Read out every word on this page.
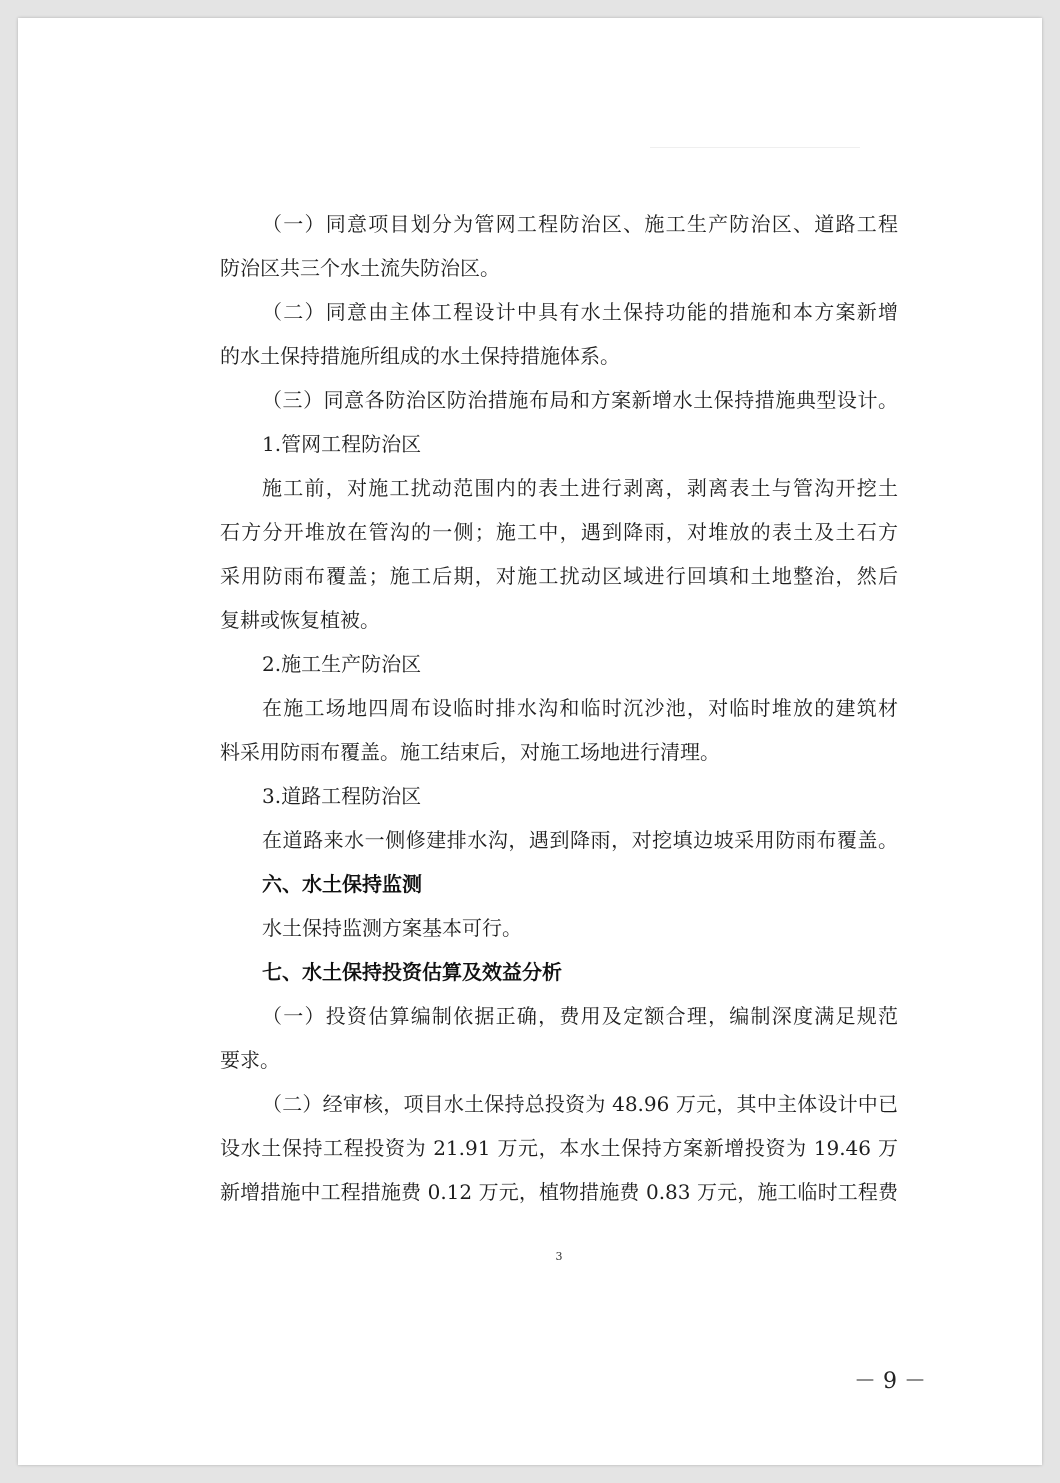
（一）同意项目划分为管网工程防治区、施工生产防治区、道路工程
防治区共三个水土流失防治区。
（二）同意由主体工程设计中具有水土保持功能的措施和本方案新增
的水土保持措施所组成的水土保持措施体系。
（三）同意各防治区防治措施布局和方案新增水土保持措施典型设计。
1.管网工程防治区
施工前，对施工扰动范围内的表土进行剥离，剥离表土与管沟开挖土
石方分开堆放在管沟的一侧；施工中，遇到降雨，对堆放的表土及土石方
采用防雨布覆盖；施工后期，对施工扰动区域进行回填和土地整治，然后
复耕或恢复植被。
2.施工生产防治区
在施工场地四周布设临时排水沟和临时沉沙池，对临时堆放的建筑材
料采用防雨布覆盖。施工结束后，对施工场地进行清理。
3.道路工程防治区
在道路来水一侧修建排水沟，遇到降雨，对挖填边坡采用防雨布覆盖。
六、水土保持监测
水土保持监测方案基本可行。
七、水土保持投资估算及效益分析
（一）投资估算编制依据正确，费用及定额合理，编制深度满足规范
要求。
（二）经审核，项目水土保持总投资为 48.96 万元，其中主体设计中已
设水土保持工程投资为 21.91 万元，本水土保持方案新增投资为 19.46 万
新增措施中工程措施费 0.12 万元，植物措施费 0.83 万元，施工临时工程费
3
－ 9 －
